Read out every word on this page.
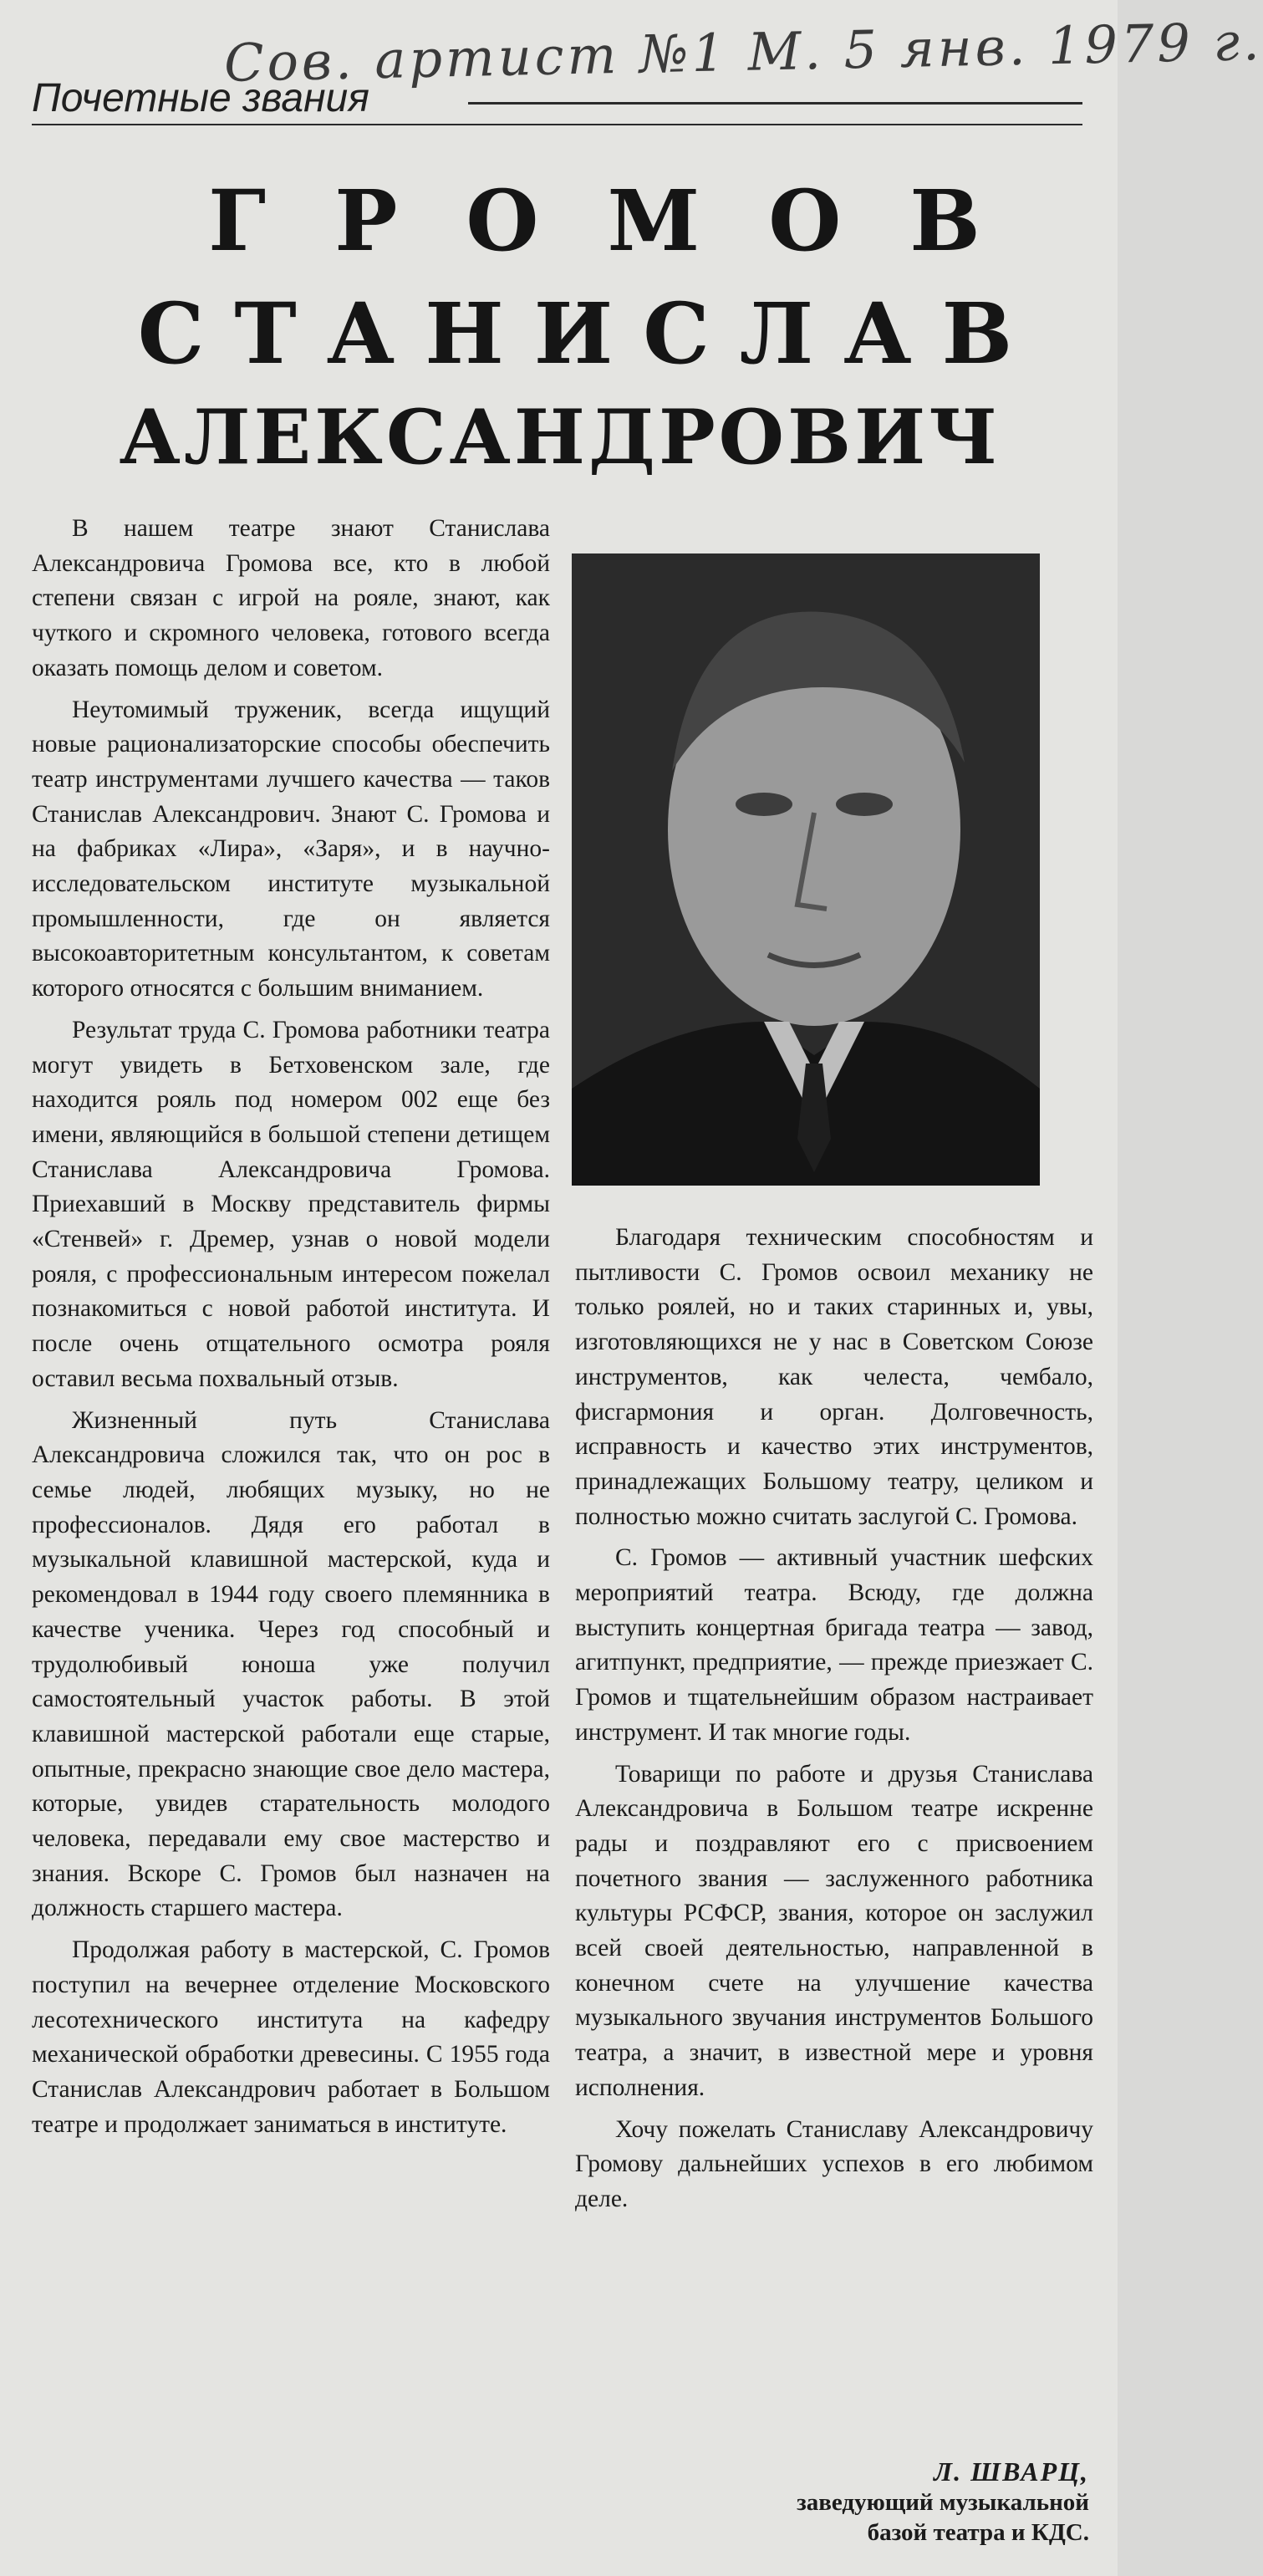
Сов. артист №1 М. 5 янв. 1979 г.
Почетные звания
ГРОМОВ
СТАНИСЛАВ
АЛЕКСАНДРОВИЧ

В нашем театре знают Станислава Александровича Громова все, кто в любой степени связан с игрой на рояле, знают, как чуткого и скромного человека, готового всегда оказать помощь делом и советом.

Неутомимый труженик, всегда ищущий новые рационализаторские способы обеспечить театр инструментами лучшего качества — таков Станислав Александрович. Знают С. Громова и на фабриках «Лира», «Заря», и в научно-исследовательском институте музыкальной промышленности, где он является высокоавторитетным консультантом, к советам которого относятся с большим вниманием.

Результат труда С. Громова работники театра могут увидеть в Бетховенском зале, где находится рояль под номером 002 еще без имени, являющийся в большой степени детищем Станислава Александровича Громова. Приехавший в Москву представитель фирмы «Стенвей» г. Дремер, узнав о новой модели рояля, с профессиональным интересом пожелал познакомиться с новой работой института. И после очень отщательного осмотра рояля оставил весьма похвальный отзыв.

Жизненный путь Станислава Александровича сложился так, что он рос в семье людей, любящих музыку, но не профессионалов. Дядя его работал в музыкальной клавишной мастерской, куда и рекомендовал в 1944 году своего племянника в качестве ученика. Через год способный и трудолюбивый юноша уже получил самостоятельный участок работы. В этой клавишной мастерской работали еще старые, опытные, прекрасно знающие свое дело мастера, которые, увидев старательность молодого человека, передавали ему свое мастерство и знания. Вскоре С. Громов был назначен на должность старшего мастера.

Продолжая работу в мастерской, С. Громов поступил на вечернее отделение Московского лесотехнического института на кафедру механической обработки древесины. С 1955 года Станислав Александрович работает в Большом театре и продолжает заниматься в институте.

Благодаря техническим способностям и пытливости С. Громов освоил механику не только роялей, но и таких старинных и, увы, изготовляющихся не у нас в Советском Союзе инструментов, как челеста, чембало, фисгармония и орган. Долговечность, исправность и качество этих инструментов, принадлежащих Большому театру, целиком и полностью можно считать заслугой С. Громова.

С. Громов — активный участник шефских мероприятий театра. Всюду, где должна выступить концертная бригада театра — завод, агитпункт, предприятие, — прежде приезжает С. Громов и тщательнейшим образом настраивает инструмент. И так многие годы.

Товарищи по работе и друзья Станислава Александровича в Большом театре искренне рады и поздравляют его с присвоением почетного звания — заслуженного работника культуры РСФСР, звания, которое он заслужил всей своей деятельностью, направленной в конечном счете на улучшение качества музыкального звучания инструментов Большого театра, а значит, в известной мере и уровня исполнения.

Хочу пожелать Станиславу Александровичу Громову дальнейших успехов в его любимом деле.

Л. ШВАРЦ,
заведующий музыкальной
базой театра и КДС.
